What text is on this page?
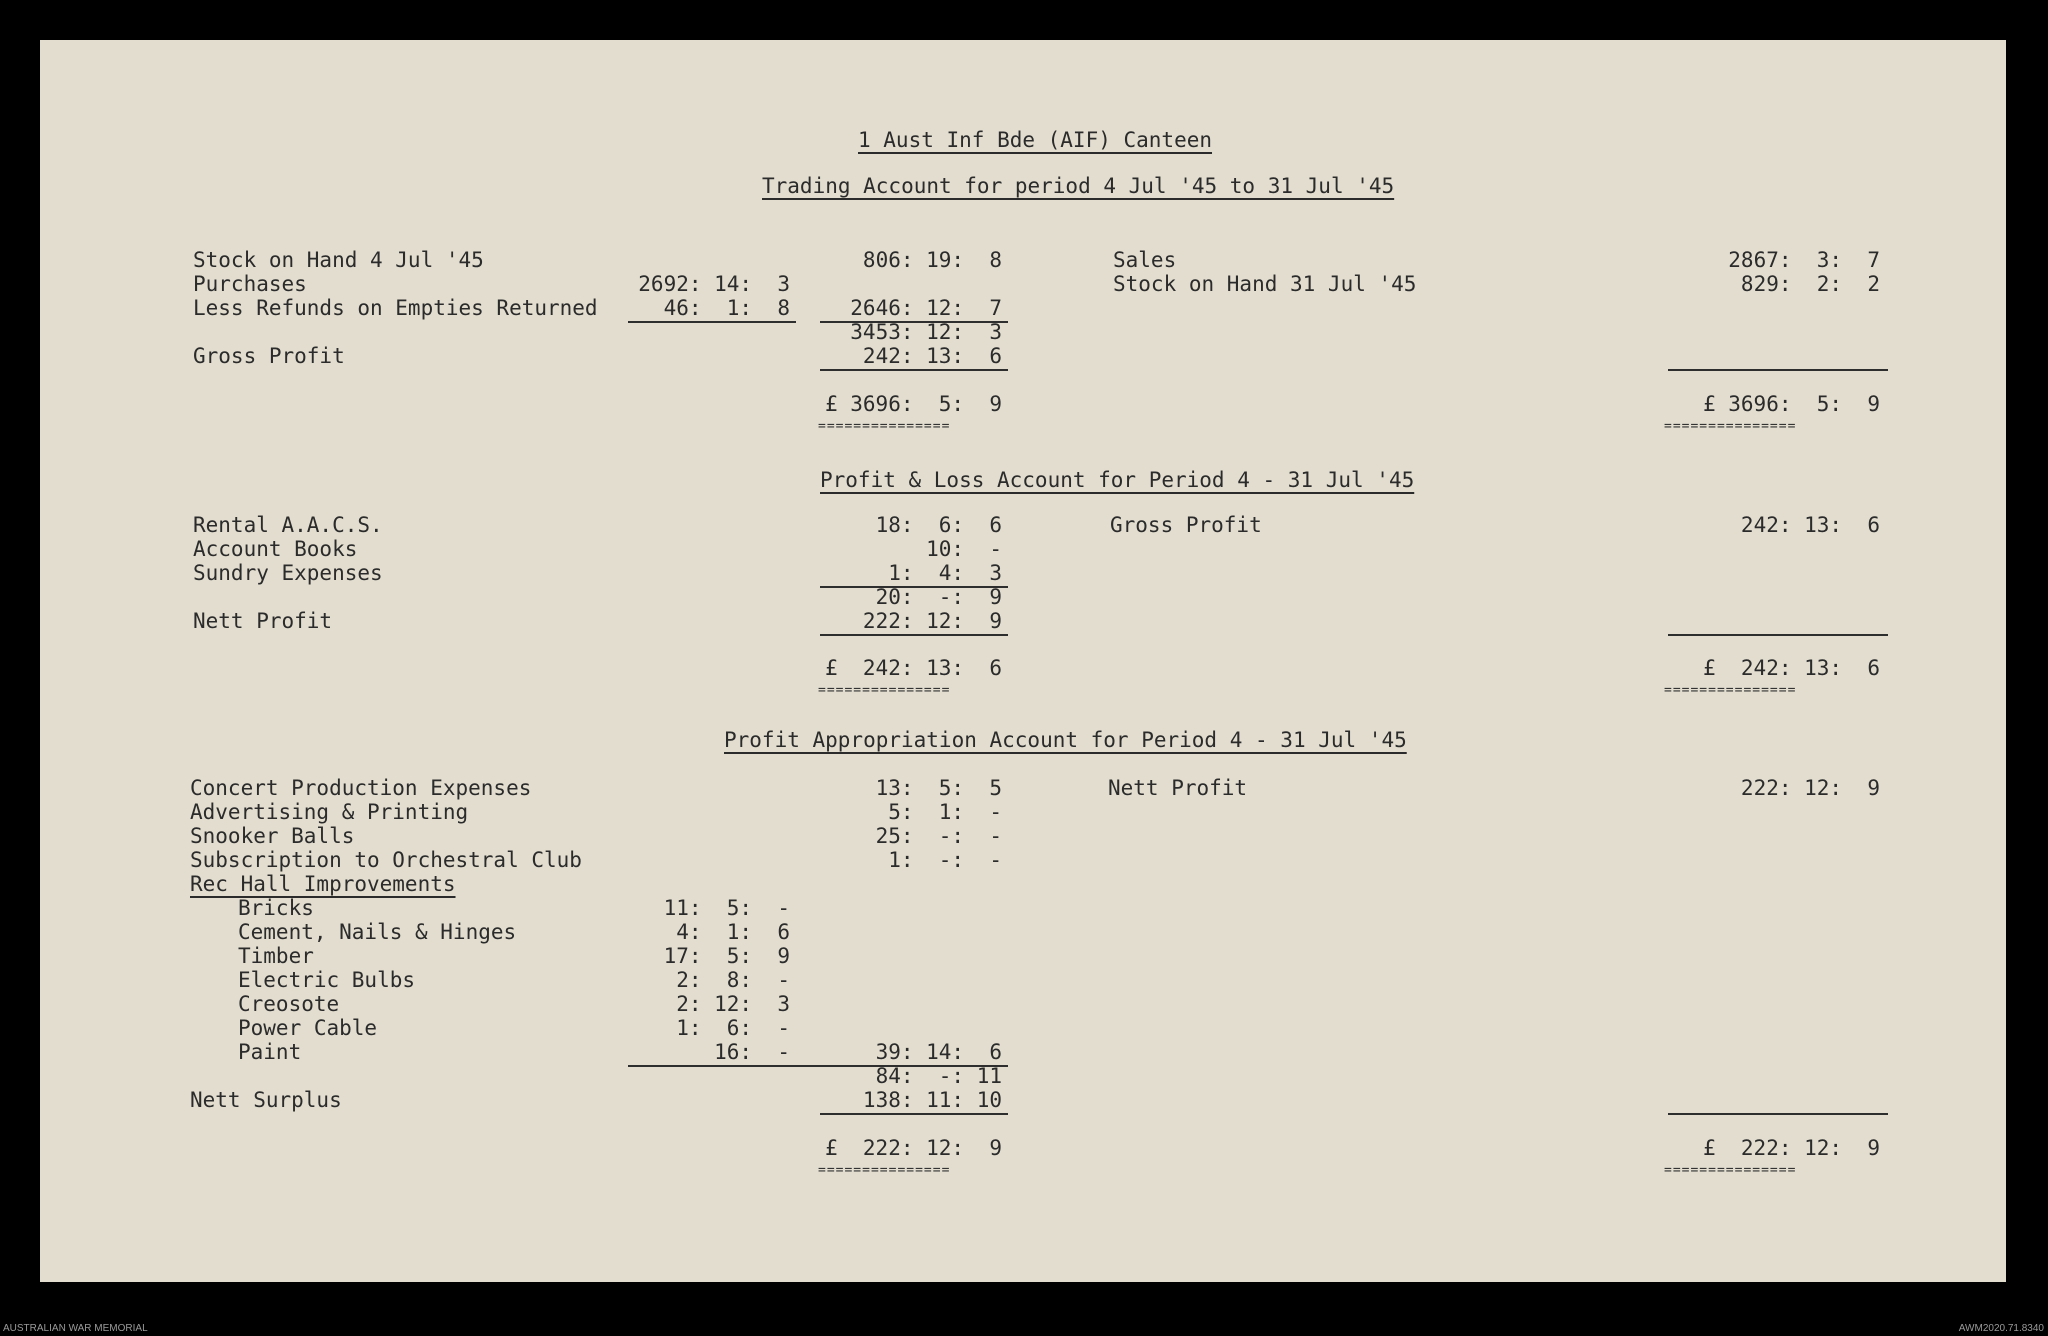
1 Aust Inf Bde (AIF) Canteen
Trading Account for period 4 Jul '45 to 31 Jul '45
Stock on Hand 4 Jul '45	806: 19:  8
Purchases	2692: 14:  3
Less Refunds on Empties Returned	46:  1:  8	2646: 12:  7
3453: 12:  3
Gross Profit	242: 13:  6
£ 3696:  5:  9
===============
Sales	2867:  3:  7
Stock on Hand 31 Jul '45	829:  2:  2
£ 3696:  5:  9
===============
Profit & Loss Account for Period 4 - 31 Jul '45
Rental A.A.C.S.	18:  6:  6
Account Books	10:  -
Sundry Expenses	1:  4:  3
20:  -:  9
Nett Profit	222: 12:  9
£  242: 13:  6
===============
Gross Profit	242: 13:  6
£  242: 13:  6
===============
Profit Appropriation Account for Period 4 - 31 Jul '45
Concert Production Expenses	13:  5:  5
Advertising & Printing	5:  1:  -
Snooker Balls	25:  -:  -
Subscription to Orchestral Club	1:  -:  -
Rec Hall Improvements
Bricks	11:  5:  -
Cement, Nails & Hinges	4:  1:  6
Timber	17:  5:  9
Electric Bulbs	2:  8:  -
Creosote	2: 12:  3
Power Cable	1:  6:  -
Paint	16:  -	39: 14:  6
84:  -: 11
Nett Surplus	138: 11: 10
£  222: 12:  9
===============
Nett Profit	222: 12:  9
£  222: 12:  9
===============
AUSTRALIAN WAR MEMORIAL	AWM2020.71.8340
